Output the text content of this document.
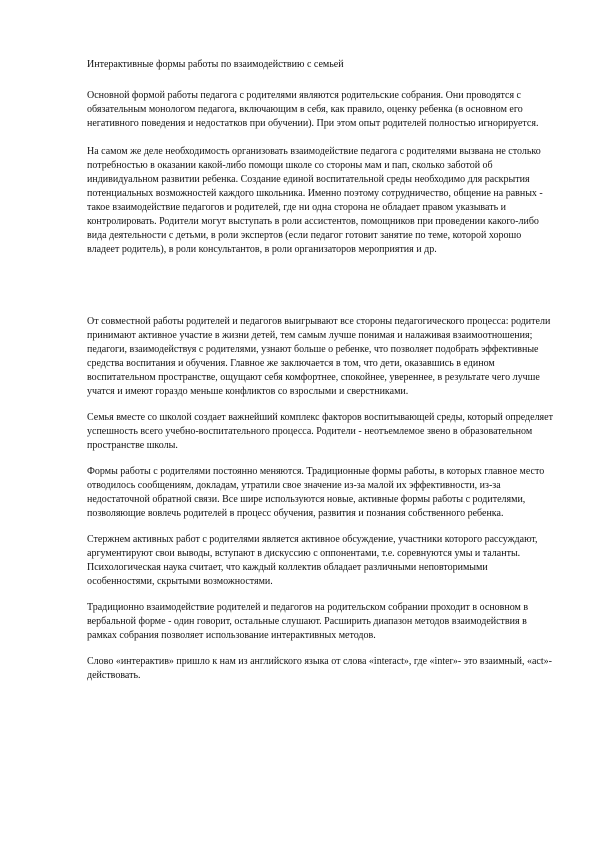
Интерактивные формы работы по взаимодействию с семьей

Основной формой работы педагога с родителями являются родительские собрания. Они проводятся с обязательным монологом педагога, включающим в себя, как правило, оценку ребенка (в основном его негативного поведения и недостатков при обучении). При этом опыт родителей полностью игнорируется.

На самом же деле необходимость организовать взаимодействие педагога с родителями вызвана не столько потребностью в оказании какой-либо помощи школе со стороны мам и пап, сколько заботой об индивидуальном развитии ребенка. Создание единой воспитательной среды необходимо для раскрытия потенциальных возможностей каждого школьника. Именно поэтому сотрудничество, общение на равных - такое взаимодействие педагогов и родителей, где ни одна сторона не обладает правом указывать и контролировать. Родители могут выступать в роли ассистентов, помощников при проведении какого-либо вида деятельности с детьми, в роли экспертов (если педагог готовит занятие по теме, которой хорошо владеет родитель), в роли консультантов, в роли организаторов мероприятия и др.

От совместной работы родителей и педагогов выигрывают все стороны педагогического процесса: родители принимают активное участие в жизни детей, тем самым лучше понимая и налаживая взаимоотношения; педагоги, взаимодействуя с родителями, узнают больше о ребенке, что позволяет подобрать эффективные средства воспитания и обучения. Главное же заключается в том, что дети, оказавшись в едином воспитательном пространстве, ощущают себя комфортнее, спокойнее, увереннее, в результате чего лучше учатся и имеют гораздо меньше конфликтов со взрослыми и сверстниками.

Семья вместе со школой создает важнейший комплекс факторов воспитывающей среды, который определяет успешность всего учебно-воспитательного процесса. Родители - неотъемлемое звено в образовательном пространстве школы.

Формы работы с родителями постоянно меняются. Традиционные формы работы, в которых главное место отводилось сообщениям, докладам, утратили свое значение из-за малой их эффективности, из-за недостаточной обратной связи. Все шире используются новые, активные формы работы с родителями, позволяющие вовлечь родителей в процесс обучения, развития и познания собственного ребенка.

Стержнем активных работ с родителями является активное обсуждение, участники которого рассуждают, аргументируют свои выводы, вступают в дискуссию с оппонентами, т.е. соревнуются умы и таланты. Психологическая наука считает, что каждый коллектив обладает различными неповторимыми особенностями, скрытыми возможностями.

Традиционно взаимодействие родителей и педагогов на родительском собрании проходит в основном в вербальной форме - один говорит, остальные слушают. Расширить диапазон методов взаимодействия в рамках собрания позволяет использование интерактивных методов.

Слово «интерактив» пришло к нам из английского языка от слова «interact», где «inter»- это взаимный, «act»- действовать.
